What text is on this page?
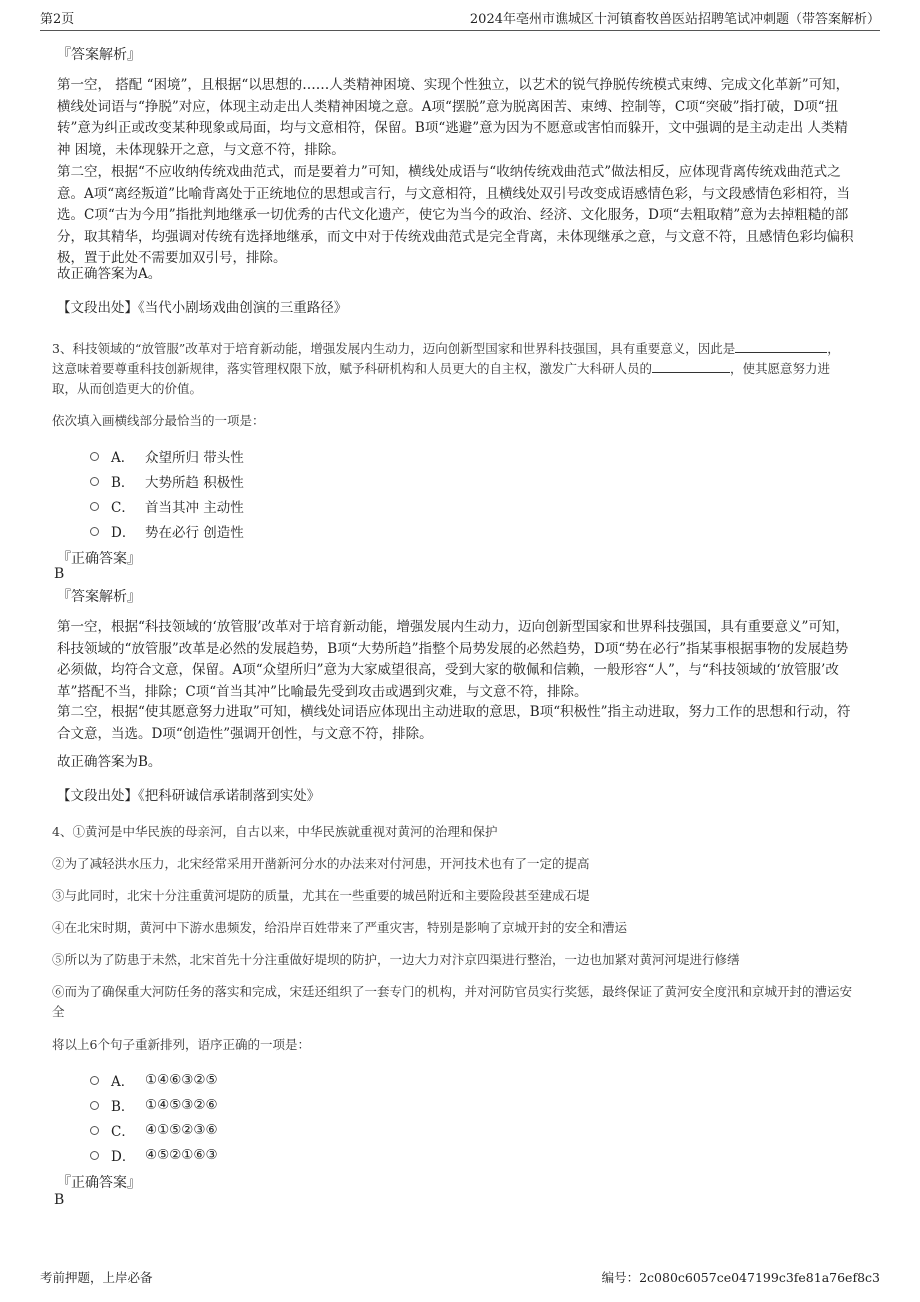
第2页	2024年亳州市谯城区十河镇畜牧兽医站招聘笔试冲刺题（带答案解析）

『答案解析』

第一空， 搭配 “困境”，且根据“以思想的……人类精神困境、实现个性独立，以艺术的锐气挣脱传统模式束缚、完成文化革新”可知，横线处词语与“挣脱”对应，体现主动走出人类精神困境之意。A项“摆脱”意为脱离困苦、束缚、控制等，C项“突破”指打破，D项“扭转”意为纠正或改变某种现象或局面，均与文意相符，保留。B项“逃避”意为因为不愿意或害怕而躲开，文中强调的是主动走出 人类精神 困境，未体现躲开之意，与文意不符，排除。

第二空，根据“不应收纳传统戏曲范式，而是要着力”可知，横线处成语与“收纳传统戏曲范式”做法相反，应体现背离传统戏曲范式之意。A项“离经叛道”比喻背离处于正统地位的思想或言行，与文意相符，且横线处双引号改变成语感情色彩，与文段感情色彩相符，当选。C项“古为今用”指批判地继承一切优秀的古代文化遗产，使它为当今的政治、经济、文化服务，D项“去粗取精”意为去掉粗糙的部分，取其精华，均强调对传统有选择地继承，而文中对于传统戏曲范式是完全背离，未体现继承之意，与文意不符，且感情色彩均偏积极，置于此处不需要加双引号，排除。

故正确答案为A。

【文段出处】《当代小剧场戏曲创演的三重路径》

3、科技领域的“放管服”改革对于培育新动能，增强发展内生动力，迈向创新型国家和世界科技强国，具有重要意义，因此是	，
这意味着要尊重科技创新规律，落实管理权限下放，赋予科研机构和人员更大的自主权，激发广大科研人员的	，使其愿意努力进
取，从而创造更大的价值。

依次填入画横线部分最恰当的一项是：

A． 众望所归 带头性
B． 大势所趋 积极性
C． 首当其冲 主动性
D． 势在必行 创造性

『正确答案』

B

『答案解析』

第一空，根据“科技领域的‘放管服’改革对于培育新动能，增强发展内生动力，迈向创新型国家和世界科技强国，具有重要意义”可知，科技领域的“放管服”改革是必然的发展趋势，B项“大势所趋”指整个局势发展的必然趋势，D项“势在必行”指某事根据事物的发展趋势必须做，均符合文意，保留。A项“众望所归”意为大家威望很高，受到大家的敬佩和信赖，一般形容“人”，与“科技领域的‘放管服’改革”搭配不当，排除；C项“首当其冲”比喻最先受到攻击或遇到灾难，与文意不符，排除。

第二空，根据“使其愿意努力进取”可知，横线处词语应体现出主动进取的意思，B项“积极性”指主动进取，努力工作的思想和行动，符合文意，当选。D项“创造性”强调开创性，与文意不符，排除。

故正确答案为B。

【文段出处】《把科研诚信承诺制落到实处》

4、①黄河是中华民族的母亲河，自古以来，中华民族就重视对黄河的治理和保护

②为了减轻洪水压力，北宋经常采用开凿新河分水的办法来对付河患，开河技术也有了一定的提高

③与此同时，北宋十分注重黄河堤防的质量，尤其在一些重要的城邑附近和主要险段甚至建成石堤

④在北宋时期，黄河中下游水患频发，给沿岸百姓带来了严重灾害，特别是影响了京城开封的安全和漕运

⑤所以为了防患于未然，北宋首先十分注重做好堤坝的防护，一边大力对汴京四渠进行整治，一边也加紧对黄河河堤进行修缮

⑥而为了确保重大河防任务的落实和完成，宋廷还组织了一套专门的机构，并对河防官员实行奖惩，最终保证了黄河安全度汛和京城开封的漕运安全

将以上6个句子重新排列，语序正确的一项是：

A． ①④⑥③②⑤
B． ①④⑤③②⑥
C． ④①⑤②③⑥
D． ④⑤②①⑥③

『正确答案』

B

考前押题，上岸必备	编号：2c080c6057ce047199c3fe81a76ef8c3
